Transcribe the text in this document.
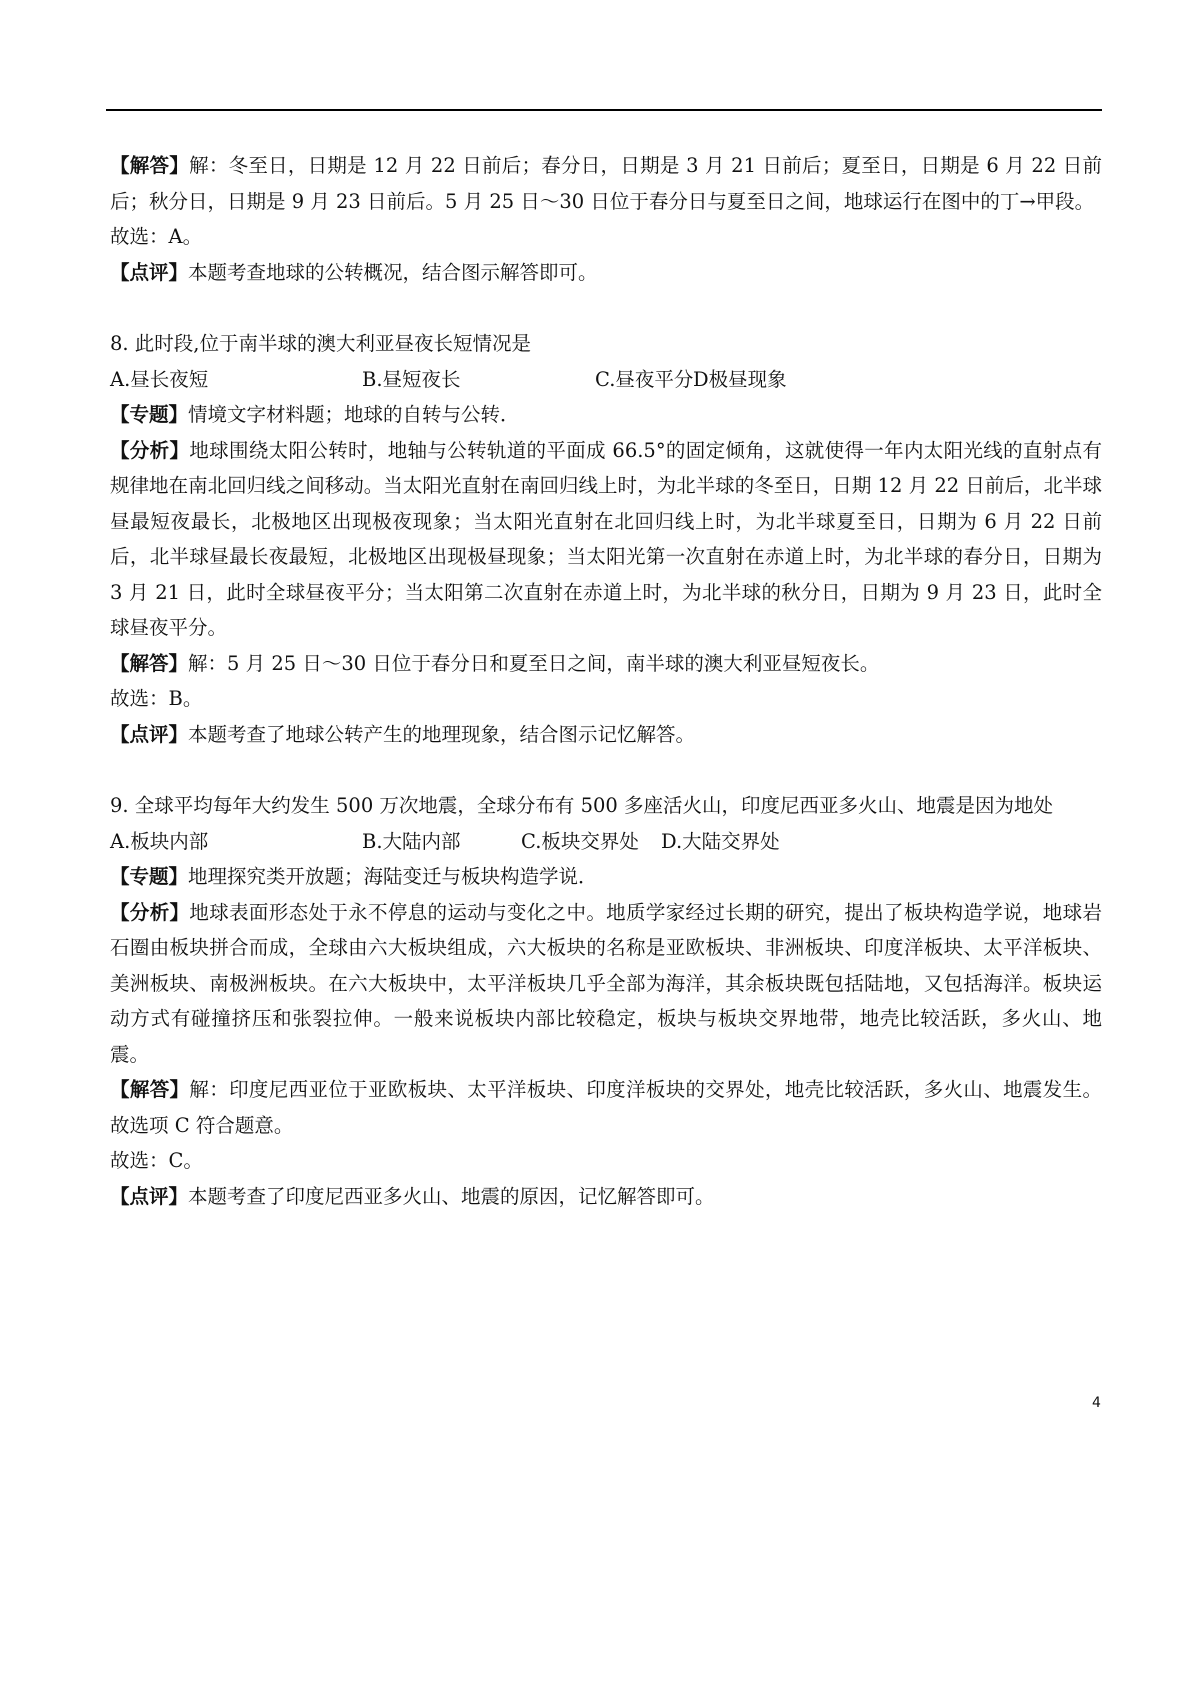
【解答】解：冬至日，日期是 12 月 22 日前后；春分日，日期是 3 月 21 日前后；夏至日，日期是 6 月 22 日前后；秋分日，日期是 9 月 23 日前后。5 月 25 日～30 日位于春分日与夏至日之间，地球运行在图中的丁→甲段。

故选：A。

【点评】本题考查地球的公转概况，结合图示解答即可。

8. 此时段,位于南半球的澳大利亚昼夜长短情况是

A.昼长夜短	B.昼短夜长	C.昼夜平分 D极昼现象

【专题】情境文字材料题；地球的自转与公转．

【分析】地球围绕太阳公转时，地轴与公转轨道的平面成 66.5°的固定倾角，这就使得一年内太阳光线的直射点有规律地在南北回归线之间移动。当太阳光直射在南回归线上时，为北半球的冬至日，日期 12 月 22 日前后，北半球昼最短夜最长，北极地区出现极夜现象；当太阳光直射在北回归线上时，为北半球夏至日，日期为 6 月 22 日前后，北半球昼最长夜最短，北极地区出现极昼现象；当太阳光第一次直射在赤道上时，为北半球的春分日，日期为 3 月 21 日，此时全球昼夜平分；当太阳第二次直射在赤道上时，为北半球的秋分日，日期为 9 月 23 日，此时全球昼夜平分。

【解答】解：5 月 25 日～30 日位于春分日和夏至日之间，南半球的澳大利亚昼短夜长。

故选：B。

【点评】本题考查了地球公转产生的地理现象，结合图示记忆解答。

9. 全球平均每年大约发生 500 万次地震，全球分布有 500 多座活火山，印度尼西亚多火山、地震是因为地处

A.板块内部	B.大陆内部	C.板块交界处	D.大陆交界处

【专题】地理探究类开放题；海陆变迁与板块构造学说．

【分析】地球表面形态处于永不停息的运动与变化之中。地质学家经过长期的研究，提出了板块构造学说，地球岩石圈由板块拼合而成，全球由六大板块组成，六大板块的名称是亚欧板块、非洲板块、印度洋板块、太平洋板块、美洲板块、南极洲板块。在六大板块中，太平洋板块几乎全部为海洋，其余板块既包括陆地，又包括海洋。板块运动方式有碰撞挤压和张裂拉伸。一般来说板块内部比较稳定，板块与板块交界地带，地壳比较活跃，多火山、地震。

【解答】解：印度尼西亚位于亚欧板块、太平洋板块、印度洋板块的交界处，地壳比较活跃，多火山、地震发生。故选项 C 符合题意。

故选：C。

【点评】本题考查了印度尼西亚多火山、地震的原因，记忆解答即可。

4
